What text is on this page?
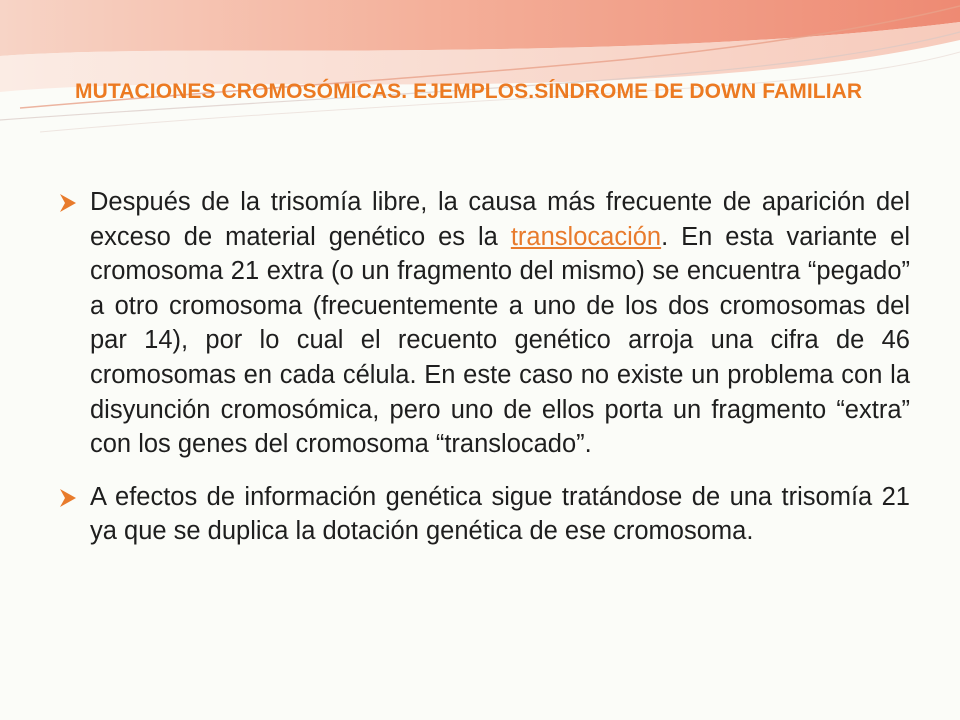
MUTACIONES CROMOSÓMICAS. EJEMPLOS.SÍNDROME DE DOWN FAMILIAR

Después de la trisomía libre, la causa más frecuente de aparición del exceso de material genético es la translocación. En esta variante el cromosoma 21 extra (o un fragmento del mismo) se encuentra “pegado” a otro cromosoma (frecuentemente a uno de los dos cromosomas del par 14), por lo cual el recuento genético arroja una cifra de 46 cromosomas en cada célula. En este caso no existe un problema con la disyunción cromosómica, pero uno de ellos porta un fragmento “extra” con los genes del cromosoma “translocado”.

A efectos de información genética sigue tratándose de una trisomía 21 ya que se duplica la dotación genética de ese cromosoma.
